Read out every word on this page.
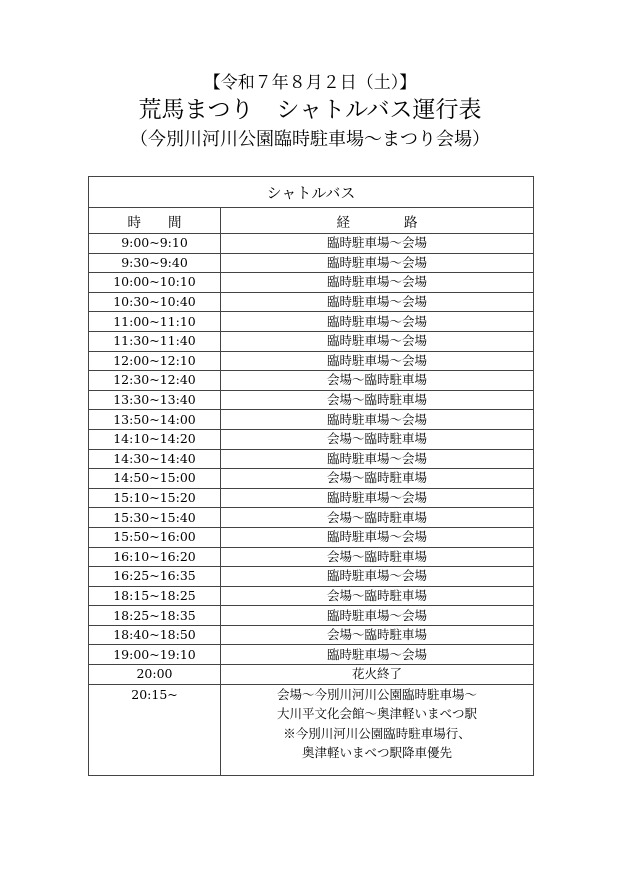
【令和７年８月２日（土）】
荒馬まつり　シャトルバス運行表
（今別川河川公園臨時駐車場〜まつり会場）
シャトルバス	
時　　間	経　　　　路
9:00~9:10	臨時駐車場〜会場
9:30~9:40	臨時駐車場〜会場
10:00~10:10	臨時駐車場〜会場
10:30~10:40	臨時駐車場〜会場
11:00~11:10	臨時駐車場〜会場
11:30~11:40	臨時駐車場〜会場
12:00~12:10	臨時駐車場〜会場
12:30~12:40	会場〜臨時駐車場
13:30~13:40	会場〜臨時駐車場
13:50~14:00	臨時駐車場〜会場
14:10~14:20	会場〜臨時駐車場
14:30~14:40	臨時駐車場〜会場
14:50~15:00	会場〜臨時駐車場
15:10~15:20	臨時駐車場〜会場
15:30~15:40	会場〜臨時駐車場
15:50~16:00	臨時駐車場〜会場
16:10~16:20	会場〜臨時駐車場
16:25~16:35	臨時駐車場〜会場
18:15~18:25	会場〜臨時駐車場
18:25~18:35	臨時駐車場〜会場
18:40~18:50	会場〜臨時駐車場
19:00~19:10	臨時駐車場〜会場
20:00	花火終了
20:15~	会場〜今別川河川公園臨時駐車場〜
大川平文化会館〜奥津軽いまべつ駅
※今別川河川公園臨時駐車場行、
奥津軽いまべつ駅降車優先
